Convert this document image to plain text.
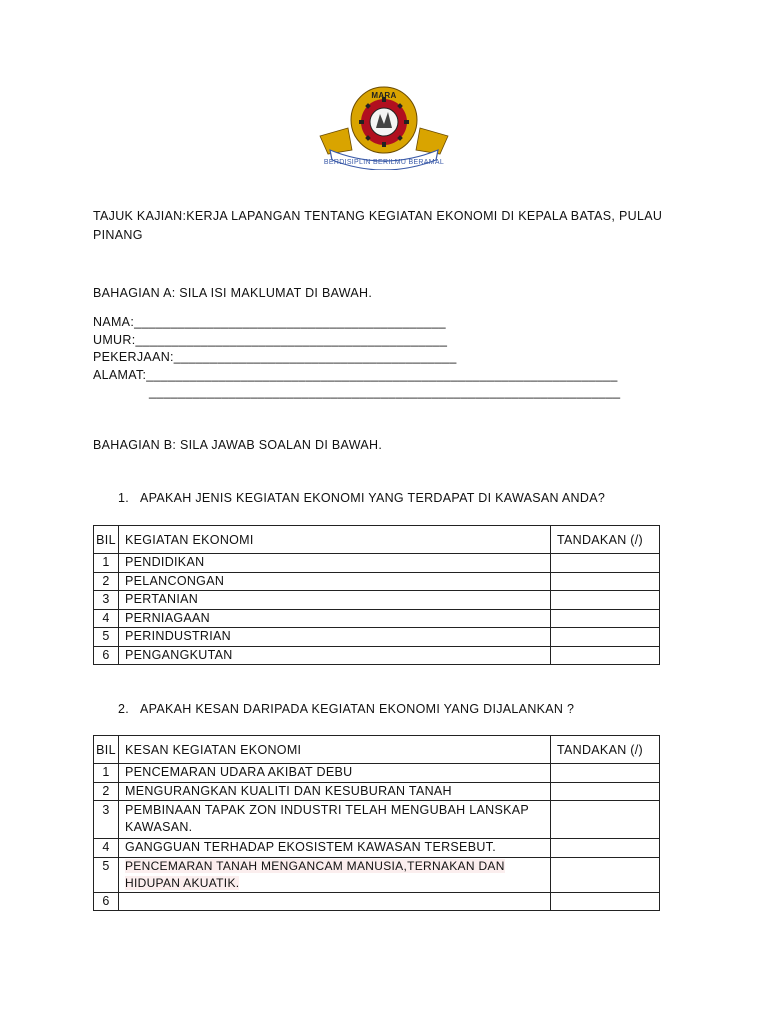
MARA
BERDISIPLIN BERILMU BERAMAL
TAJUK KAJIAN:KERJA LAPANGAN TENTANG KEGIATAN EKONOMI DI KEPALA BATAS, PULAU PINANG
BAHAGIAN A: SILA ISI MAKLUMAT DI BAWAH.
NAMA:___________________________________________
UMUR:___________________________________________
PEKERJAAN:_______________________________________
ALAMAT:_________________________________________________________________
_________________________________________________________________
BAHAGIAN B: SILA JAWAB SOALAN DI BAWAH.
1. APAKAH JENIS KEGIATAN EKONOMI YANG TERDAPAT DI KAWASAN ANDA?
BIL	KEGIATAN EKONOMI	TANDAKAN (/)
1	PENDIDIKAN	
2	PELANCONGAN	
3	PERTANIAN	
4	PERNIAGAAN	
5	PERINDUSTRIAN	
6	PENGANGKUTAN	
2. APAKAH KESAN DARIPADA KEGIATAN EKONOMI YANG DIJALANKAN ?
BIL	KESAN KEGIATAN EKONOMI	TANDAKAN (/)
1	PENCEMARAN UDARA AKIBAT DEBU	
2	MENGURANGKAN KUALITI DAN KESUBURAN TANAH	
3	PEMBINAAN TAPAK ZON INDUSTRI TELAH MENGUBAH LANSKAP KAWASAN.	
4	GANGGUAN TERHADAP EKOSISTEM KAWASAN TERSEBUT.	
5	PENCEMARAN TANAH MENGANCAM MANUSIA,TERNAKAN DAN HIDUPAN AKUATIK.	
6		
